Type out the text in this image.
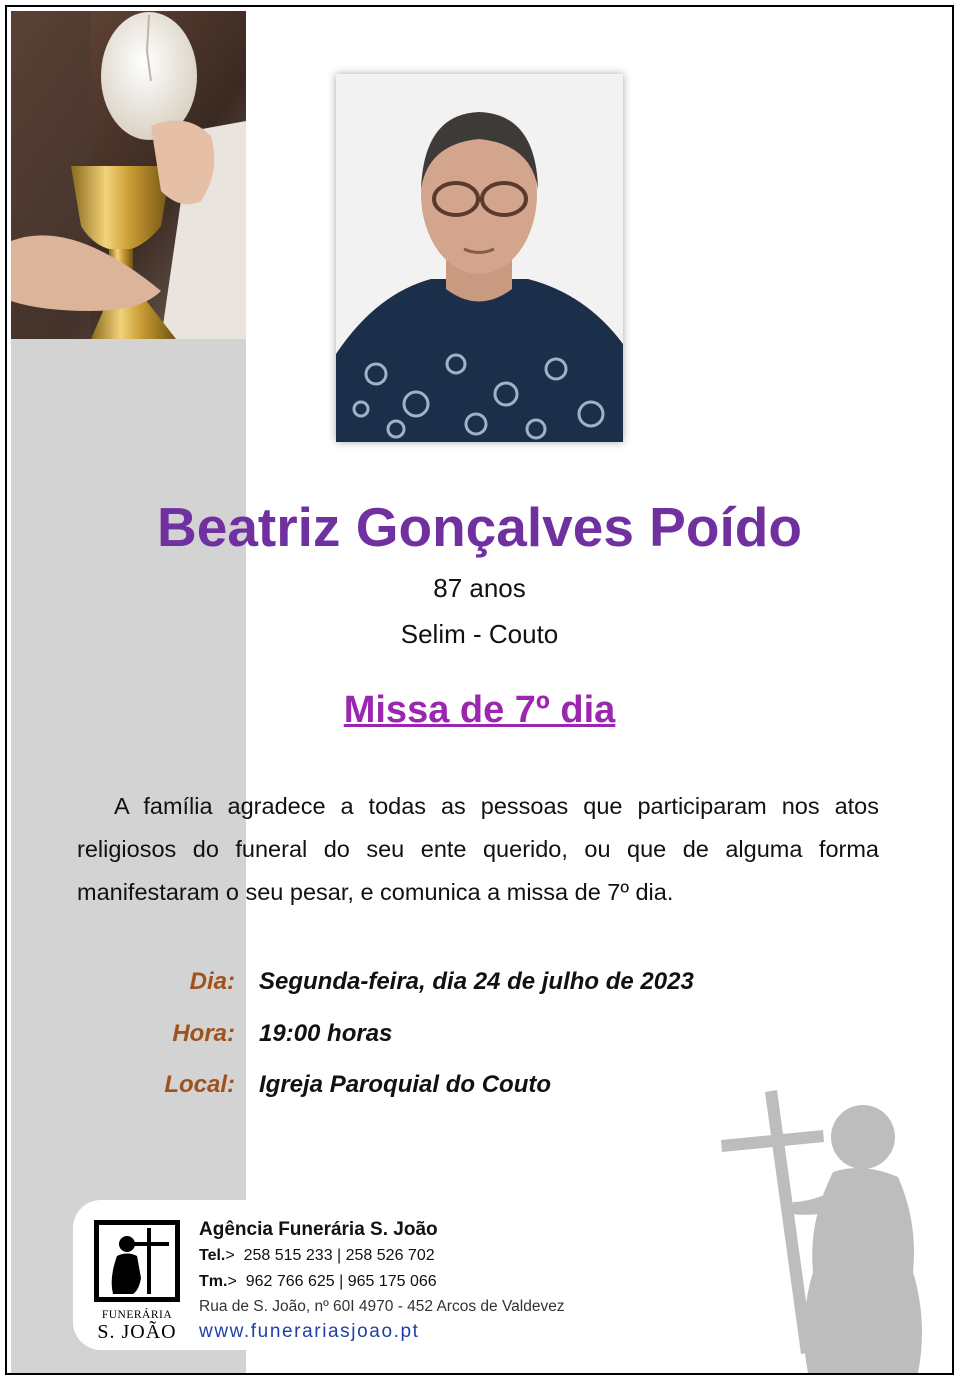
Beatriz Gonçalves Poído
87 anos
Selim - Couto
Missa de 7º dia
A família agradece a todas as pessoas que participaram nos atos religiosos do funeral do seu ente querido, ou que de alguma forma manifestaram o seu pesar, e comunica a missa de 7º dia.
Dia: Segunda-feira, dia 24 de julho de 2023
Hora: 19:00 horas
Local: Igreja Paroquial do Couto
FUNERÁRIA
S. JOÃO
Agência Funerária S. João
Tel.>  258 515 233 | 258 526 702
Tm.>  962 766 625 | 965 175 066
Rua de S. João, nº 60I 4970 - 452 Arcos de Valdevez
www.funerariasjoao.pt
